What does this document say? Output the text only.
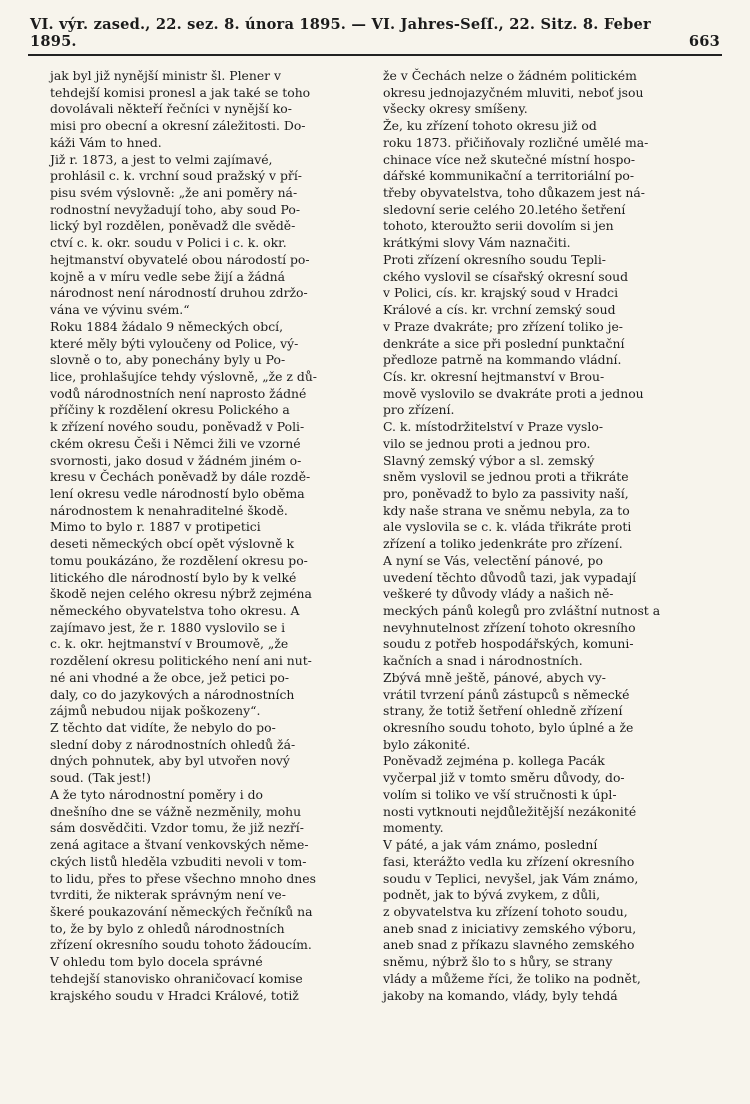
VI. výr. zased., 22. sez. 8. února 1895. — VI. Jahres-Seſſ., 22. Sitz. 8. Feber 1895.	663
jak byl již nynější ministr šl. Plener v
tehdejší komisi pronesl a jak také se toho
dovolávali někteří řečníci v nynější ko-
misi pro obecní a okresní záležitosti. Do-
káži Vám to hned.
Již r. 1873, a jest to velmi zajímavé,
prohlásil c. k. vrchní soud pražský v pří-
pisu svém výslovně: „že ani poměry ná-
rodnostní nevyžadují toho, aby soud Po-
lický byl rozdělen, poněvadž dle svědě-
ctví c. k. okr. soudu v Polici i c. k. okr.
hejtmanství obyvatelé obou národostí po-
kojně a v míru vedle sebe žijí a žádná
národnost není národností druhou zdržo-
vána ve vývinu svém.“
Roku 1884 žádalo 9 německých obcí,
které měly býti vyloučeny od Police, vý-
slovně o to, aby ponechány byly u Po-
lice, prohlašujíce tehdy výslovně, „že z dů-
vodů národnostních není naprosto žádné
příčiny k rozdělení okresu Polického a
k zřízení nového soudu, poněvadž v Poli-
ckém okresu Češi i Němci žili ve vzorné
svornosti, jako dosud v žádném jiném o-
kresu v Čechách poněvadž by dále rozdě-
lení okresu vedle národností bylo oběma
národnostem k nenahraditelné škodě.
Mimo to bylo r. 1887 v protipetici
deseti německých obcí opět výslovně k
tomu poukázáno, že rozdělení okresu po-
litického dle národností bylo by k velké
škodě nejen celého okresu nýbrž zejména
německého obyvatelstva toho okresu. A
zajímavo jest, že r. 1880 vyslovilo se i
c. k. okr. hejtmanství v Broumově, „že
rozdělení okresu politického není ani nut-
né ani vhodné a že obce, jež petici po-
daly, co do jazykových a národnostních
zájmů nebudou nijak poškozeny“.
Z těchto dat vidíte, že nebylo do po-
slední doby z národnostních ohledů žá-
dných pohnutek, aby byl utvořen nový
soud. (Tak jest!)
A že tyto národnostní poměry i do
dnešního dne se vážně nezměnily, mohu
sám dosvědčiti. Vzdor tomu, že již nezří-
zená agitace a štvaní venkovských něme-
ckých listů hleděla vzbuditi nevoli v tom-
to lidu, přes to přese všechno mnoho dnes
tvrditi, že nikterak správným není ve-
škeré poukazování německých řečníků na
to, že by bylo z ohledů národnostních
zřízení okresního soudu tohoto žádoucím.
V ohledu tom bylo docela správné
tehdejší stanovisko ohraničovací komise
krajského soudu v Hradci Králové, totiž
že v Čechách nelze o žádném politickém
okresu jednojazyčném mluviti, neboť jsou
všecky okresy smíšeny.
Že, ku zřízení tohoto okresu již od
roku 1873. přičiňovaly rozličné umělé ma-
chinace více než skutečné místní hospo-
dářské kommunikační a territoriální po-
třeby obyvatelstva, toho důkazem jest ná-
sledovní serie celého 20.letého šetření
tohoto, kteroužto serii dovolím si jen
krátkými slovy Vám naznačiti.
Proti zřízení okresního soudu Tepli-
ckého vyslovil se císařský okresní soud
v Polici, cís. kr. krajský soud v Hradci
Králové a cís. kr. vrchní zemský soud
v Praze dvakráte; pro zřízení toliko je-
denkráte a sice při poslední punktační
předloze patrně na kommando vládní.
Cís. kr. okresní hejtmanství v Brou-
mově vyslovilo se dvakráte proti a jednou
pro zřízení.
C. k. místodržitelství v Praze vyslo-
vilo se jednou proti a jednou pro.
Slavný zemský výbor a sl. zemský
sněm vyslovil se jednou proti a třikráte
pro, poněvadž to bylo za passivity naší,
kdy naše strana ve sněmu nebyla, za to
ale vyslovila se c. k. vláda třikráte proti
zřízení a toliko jedenkráte pro zřízení.
A nyní se Vás, velectění pánové, po
uvedení těchto důvodů tazi, jak vypadají
veškeré ty důvody vlády a našich ně-
meckých pánů kolegů pro zvláštní nutnost a
nevyhnutelnost zřízení tohoto okresního
soudu z potřeb hospodářských, komuni-
kačních a snad i národnostních.
Zbývá mně ještě, pánové, abych vy-
vrátil tvrzení pánů zástupců s německé
strany, že totiž šetření ohledně zřízení
okresního soudu tohoto, bylo úplné a že
bylo zákonité.
Poněvadž zejména p. kollega Pacák
vyčerpal již v tomto směru důvody, do-
volím si toliko ve vší stručnosti k úpl-
nosti vytknouti nejdůležitější nezákonité
momenty.
V páté, a jak vám známo, poslední
fasi, kterážto vedla ku zřízení okresního
soudu v Teplici, nevyšel, jak Vám známo,
podnět, jak to bývá zvykem, z důli,
z obyvatelstva ku zřízení tohoto soudu,
aneb snad z iniciativy zemského výboru,
aneb snad z příkazu slavného zemského
sněmu, nýbrž šlo to s hůry, se strany
vlády a můžeme říci, že toliko na podnět,
jakoby na komando, vlády, byly tehdá
